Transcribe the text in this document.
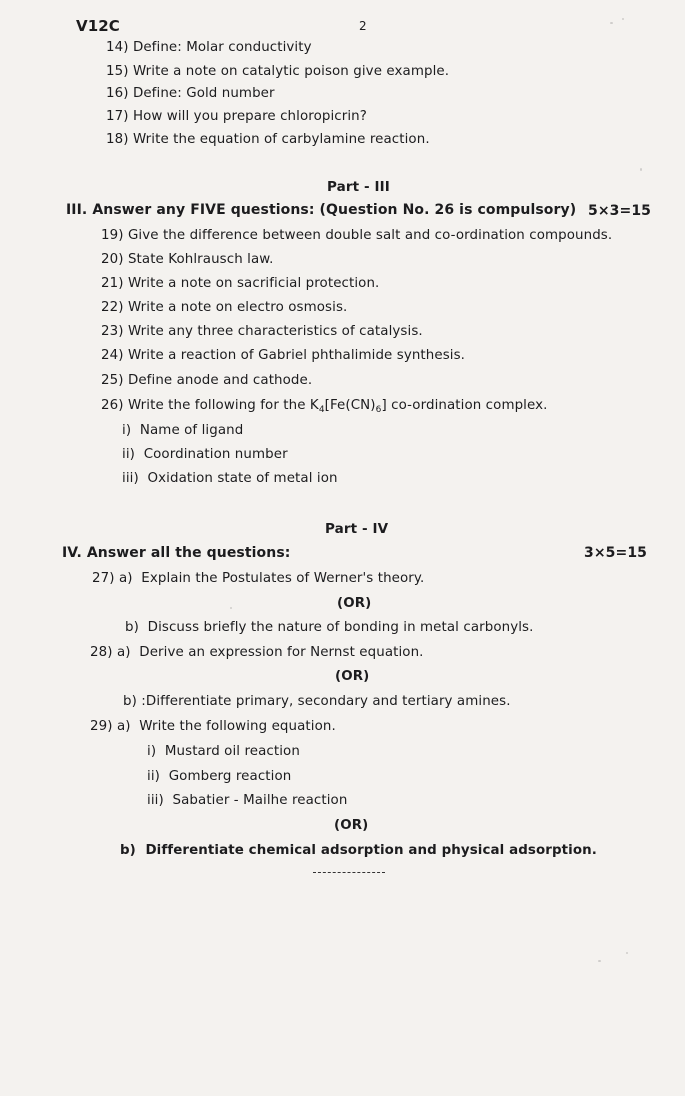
V12C	2
14) Define: Molar conductivity
15) Write a note on catalytic poison give example.
16) Define: Gold number
17) How will you prepare chloropicrin?
18) Write the equation of carbylamine reaction.
Part - III
III. Answer any FIVE questions: (Question No. 26 is compulsory) 5×3=15
19) Give the difference between double salt and co-ordination compounds.
20) State Kohlrausch law.
21) Write a note on sacrificial protection.
22) Write a note on electro osmosis.
23) Write any three characteristics of catalysis.
24) Write a reaction of Gabriel phthalimide synthesis.
25) Define anode and cathode.
26) Write the following for the $K_4[Fe(CN)_6]$ co-ordination complex.
i) Name of ligand
ii) Coordination number
iii) Oxidation state of metal ion
Part - IV
IV. Answer all the questions:	3×5=15
27) a) Explain the Postulates of Werner's theory.
(OR)
b) Discuss briefly the nature of bonding in metal carbonyls.
28) a) Derive an expression for Nernst equation.
(OR)
b) :Differentiate primary, secondary and tertiary amines.
29) a) Write the following equation.
i) Mustard oil reaction
ii) Gomberg reaction
iii) Sabatier - Mailhe reaction
(OR)
b) Differentiate chemical adsorption and physical adsorption.
